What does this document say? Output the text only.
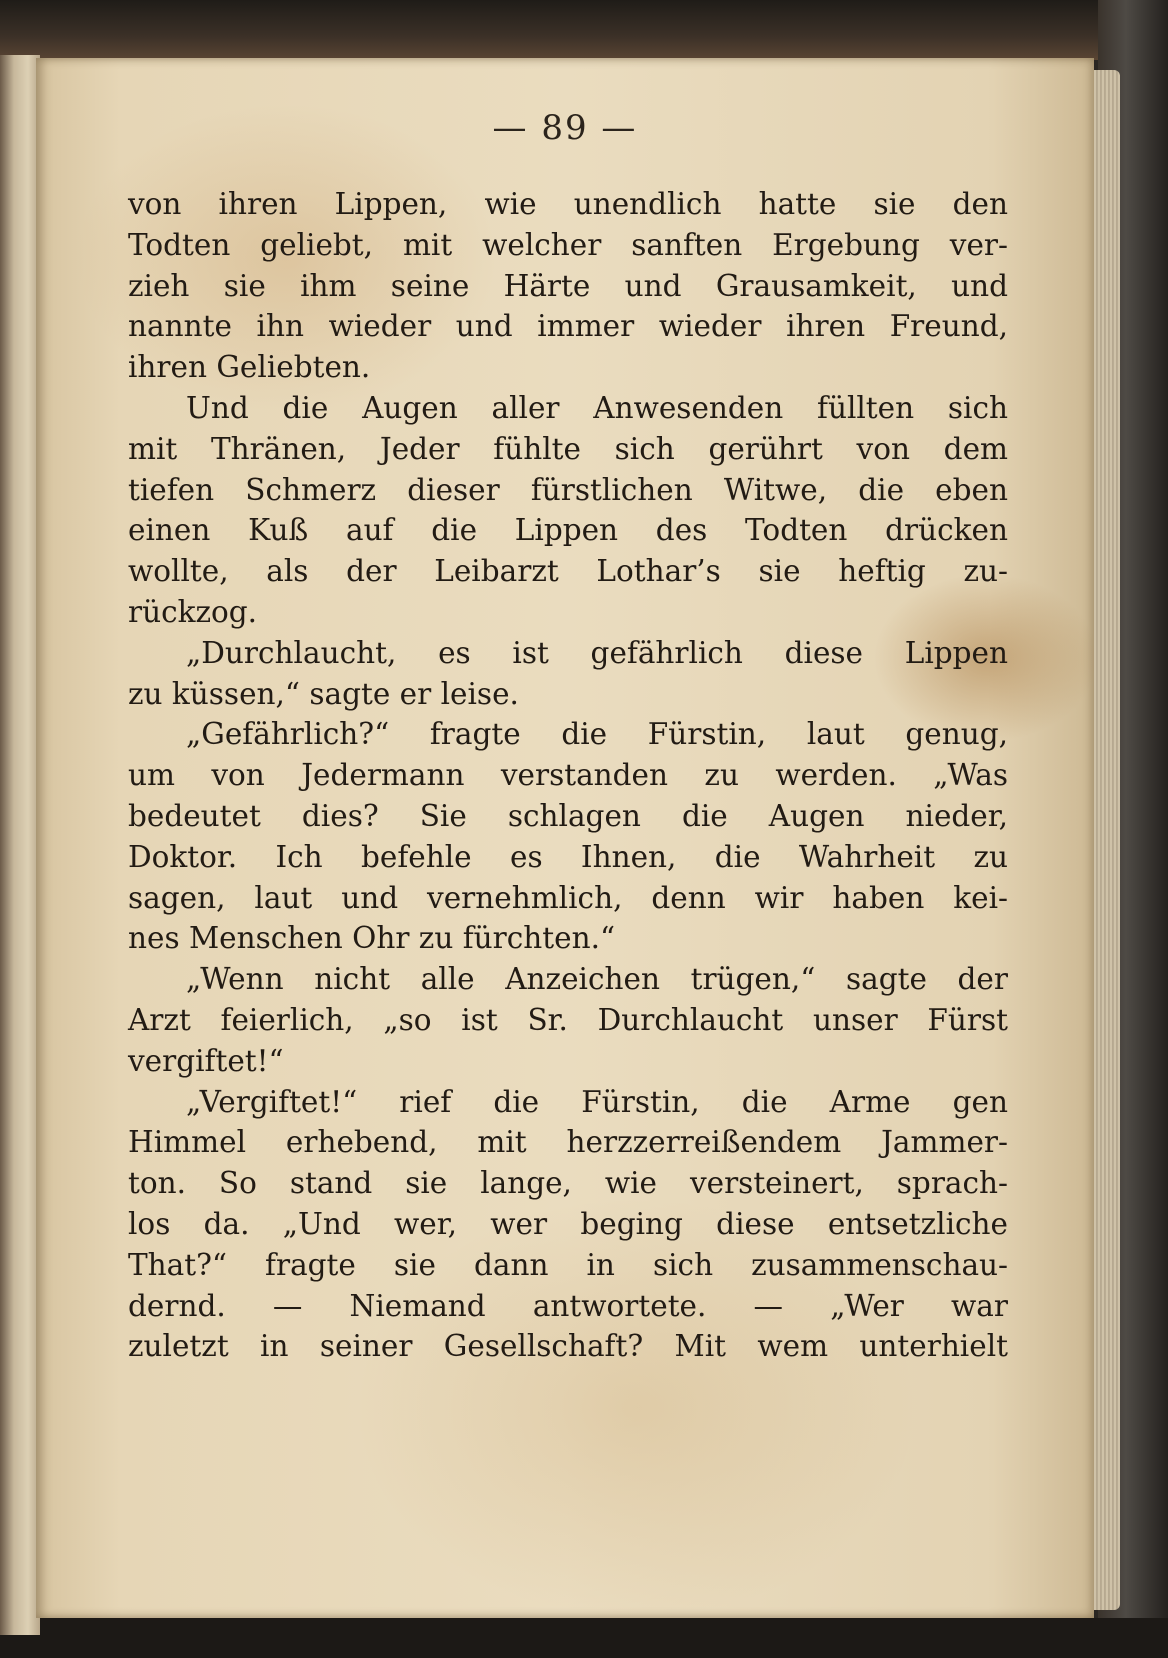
— 89 —
von ihren Lippen, wie unendlich hatte sie den
Todten geliebt, mit welcher sanften Ergebung ver-
zieh sie ihm seine Härte und Grausamkeit, und
nannte ihn wieder und immer wieder ihren Freund,
ihren Geliebten.
Und die Augen aller Anwesenden füllten sich
mit Thränen, Jeder fühlte sich gerührt von dem
tiefen Schmerz dieser fürstlichen Witwe, die eben
einen Kuß auf die Lippen des Todten drücken
wollte, als der Leibarzt Lothar’s sie heftig zu-
rückzog.
„Durchlaucht, es ist gefährlich diese Lippen
zu küssen,“ sagte er leise.
„Gefährlich?“ fragte die Fürstin, laut genug,
um von Jedermann verstanden zu werden. „Was
bedeutet dies? Sie schlagen die Augen nieder,
Doktor. Ich befehle es Ihnen, die Wahrheit zu
sagen, laut und vernehmlich, denn wir haben kei-
nes Menschen Ohr zu fürchten.“
„Wenn nicht alle Anzeichen trügen,“ sagte der
Arzt feierlich, „so ist Sr. Durchlaucht unser Fürst
vergiftet!“
„Vergiftet!“ rief die Fürstin, die Arme gen
Himmel erhebend, mit herzzerreißendem Jammer-
ton. So stand sie lange, wie versteinert, sprach-
los da. „Und wer, wer beging diese entsetzliche
That?“ fragte sie dann in sich zusammenschau-
dernd. — Niemand antwortete. — „Wer war
zuletzt in seiner Gesellschaft? Mit wem unterhielt
